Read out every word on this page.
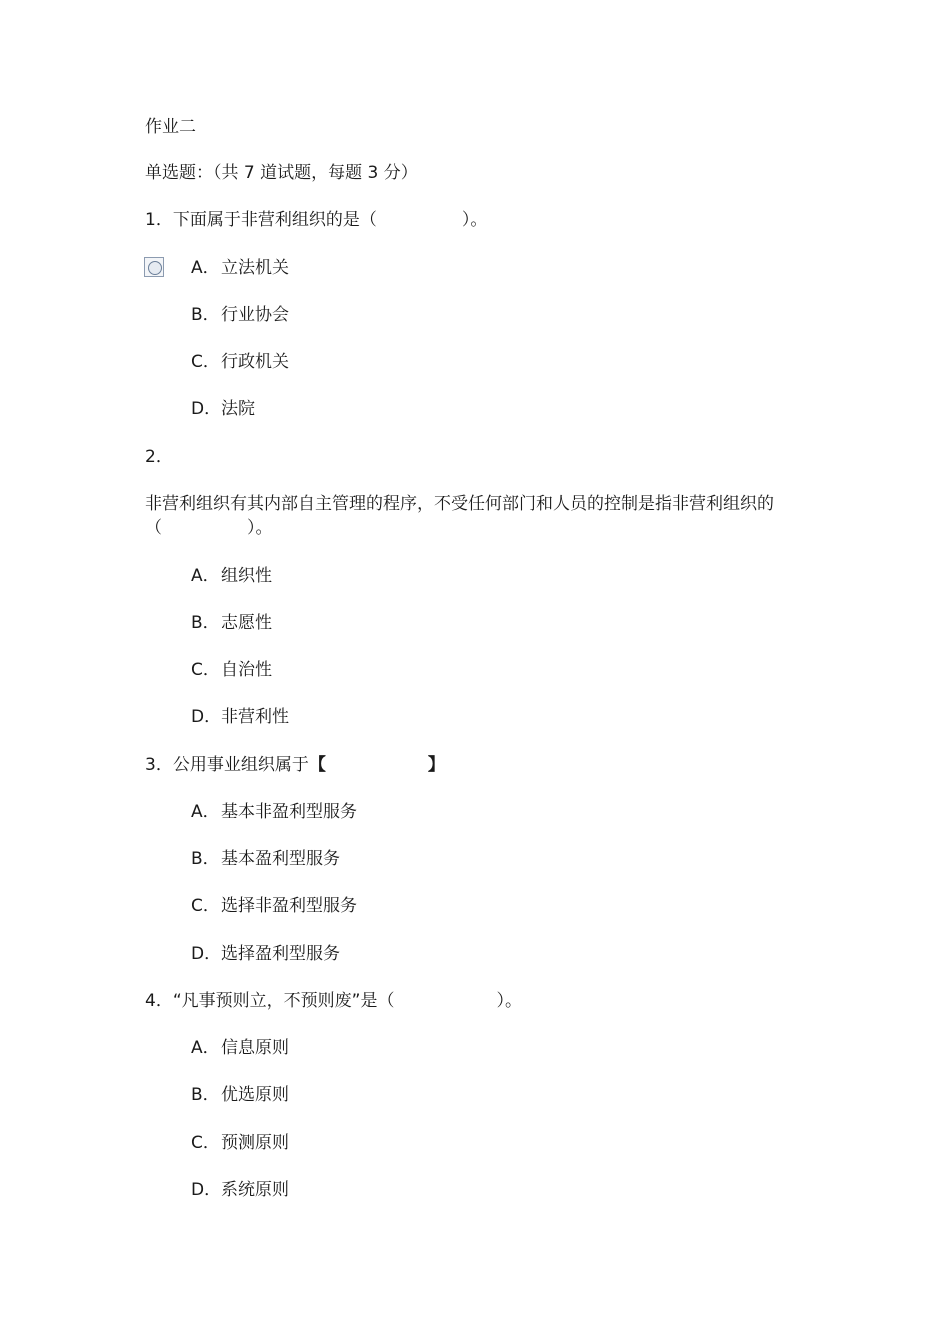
作业二
单选题：（共 7 道试题，每题 3 分）
1．下面属于非营利组织的是（　　　　　）。
A．立法机关
B．行业协会
C．行政机关
D．法院
2．
非营利组织有其内部自主管理的程序，不受任何部门和人员的控制是指非营利组织的（　　　　　）。
A．组织性
B．志愿性
C．自治性
D．非营利性
3．公用事业组织属于【	】
A．基本非盈利型服务
B．基本盈利型服务
C．选择非盈利型服务
D．选择盈利型服务
4．“凡事预则立，不预则废”是（　　　　　　）。
A．信息原则
B．优选原则
C．预测原则
D．系统原则
